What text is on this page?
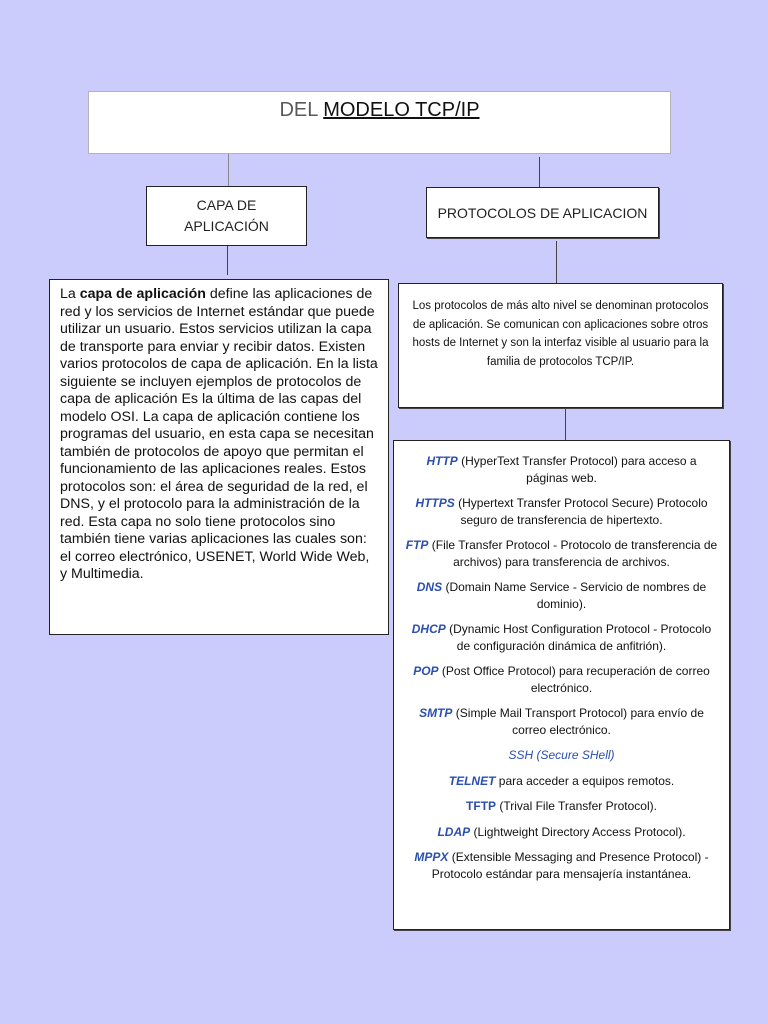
DEL MODELO TCP/IP
CAPA DE
APLICACIÓN
PROTOCOLOS DE APLICACION
La capa de aplicación define las aplicaciones de red y los servicios de Internet estándar que puede utilizar un usuario. Estos servicios utilizan la capa de transporte para enviar y recibir datos. Existen varios protocolos de capa de aplicación. En la lista siguiente se incluyen ejemplos de protocolos de capa de aplicación Es la última de las capas del modelo OSI. La capa de aplicación contiene los programas del usuario, en esta capa se necesitan también de protocolos de apoyo que permitan el funcionamiento de las aplicaciones reales. Estos protocolos son: el área de seguridad de la red, el DNS, y el protocolo para la administración de la red. Esta capa no solo tiene protocolos sino también tiene varias aplicaciones las cuales son: el correo electrónico, USENET, World Wide Web, y Multimedia.
Los protocolos de más alto nivel se denominan protocolos de aplicación. Se comunican con aplicaciones sobre otros hosts de Internet y son la interfaz visible al usuario para la familia de protocolos TCP/IP.
HTTP (HyperText Transfer Protocol) para acceso a páginas web.
HTTPS (Hypertext Transfer Protocol Secure) Protocolo seguro de transferencia de hipertexto.
FTP (File Transfer Protocol - Protocolo de transferencia de archivos) para transferencia de archivos.
DNS (Domain Name Service - Servicio de nombres de dominio).
DHCP (Dynamic Host Configuration Protocol - Protocolo de configuración dinámica de anfitrión).
POP (Post Office Protocol) para recuperación de correo electrónico.
SMTP (Simple Mail Transport Protocol) para envío de correo electrónico.
SSH (Secure SHell)
TELNET para acceder a equipos remotos.
TFTP (Trival File Transfer Protocol).
LDAP (Lightweight Directory Access Protocol).
MPPX (Extensible Messaging and Presence Protocol) - Protocolo estándar para mensajería instantánea.
